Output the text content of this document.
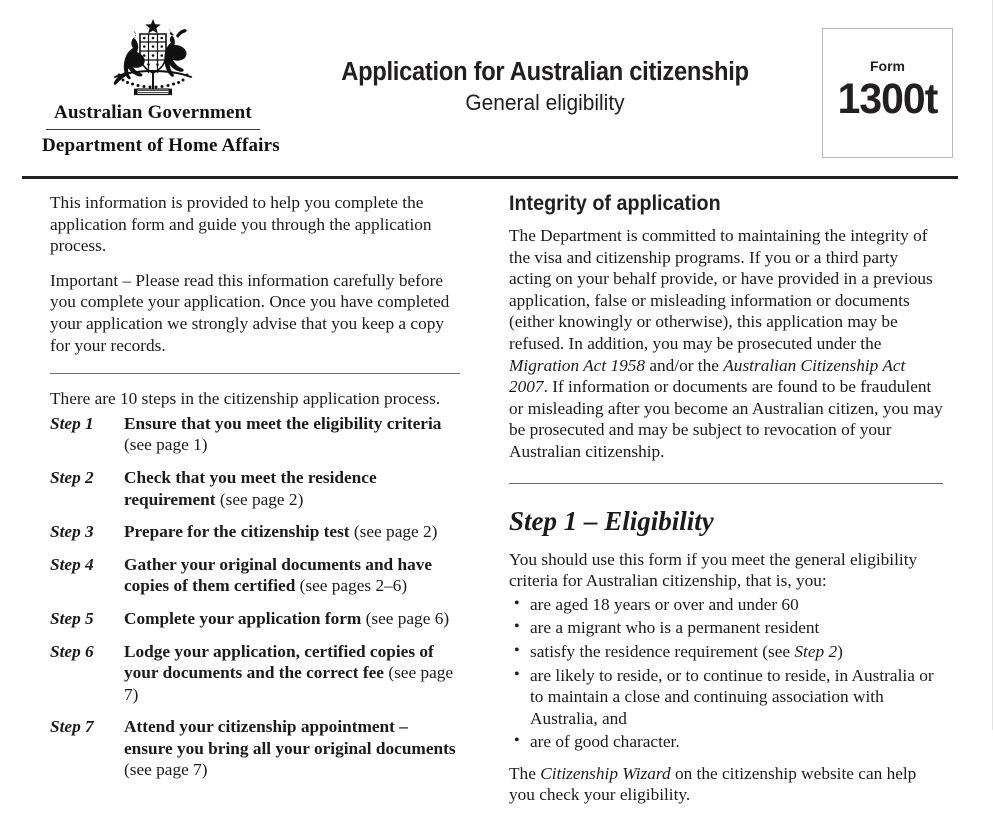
Australian Government
Department of Home Affairs
Application for Australian citizenship
General eligibility
Form
1300t

This information is provided to help you complete the application form and guide you through the application process.

Important – Please read this information carefully before you complete your application. Once you have completed your application we strongly advise that you keep a copy for your records.

There are 10 steps in the citizenship application process.

Step 1	Ensure that you meet the eligibility criteria (see page 1)
Step 2	Check that you meet the residence requirement (see page 2)
Step 3	Prepare for the citizenship test (see page 2)
Step 4	Gather your original documents and have copies of them certified (see pages 2–6)
Step 5	Complete your application form (see page 6)
Step 6	Lodge your application, certified copies of your documents and the correct fee (see page 7)
Step 7	Attend your citizenship appointment – ensure you bring all your original documents (see page 7)
Integrity of application

The Department is committed to maintaining the integrity of the visa and citizenship programs. If you or a third party acting on your behalf provide, or have provided in a previous application, false or misleading information or documents (either knowingly or otherwise), this application may be refused. In addition, you may be prosecuted under the Migration Act 1958 and/or the Australian Citizenship Act 2007. If information or documents are found to be fraudulent or misleading after you become an Australian citizen, you may be prosecuted and may be subject to revocation of your Australian citizenship.

Step 1 – Eligibility

You should use this form if you meet the general eligibility criteria for Australian citizenship, that is, you:

• are aged 18 years or over and under 60
• are a migrant who is a permanent resident
• satisfy the residence requirement (see Step 2)
• are likely to reside, or to continue to reside, in Australia or to maintain a close and continuing association with Australia, and
• are of good character.

The Citizenship Wizard on the citizenship website can help you check your eligibility.
